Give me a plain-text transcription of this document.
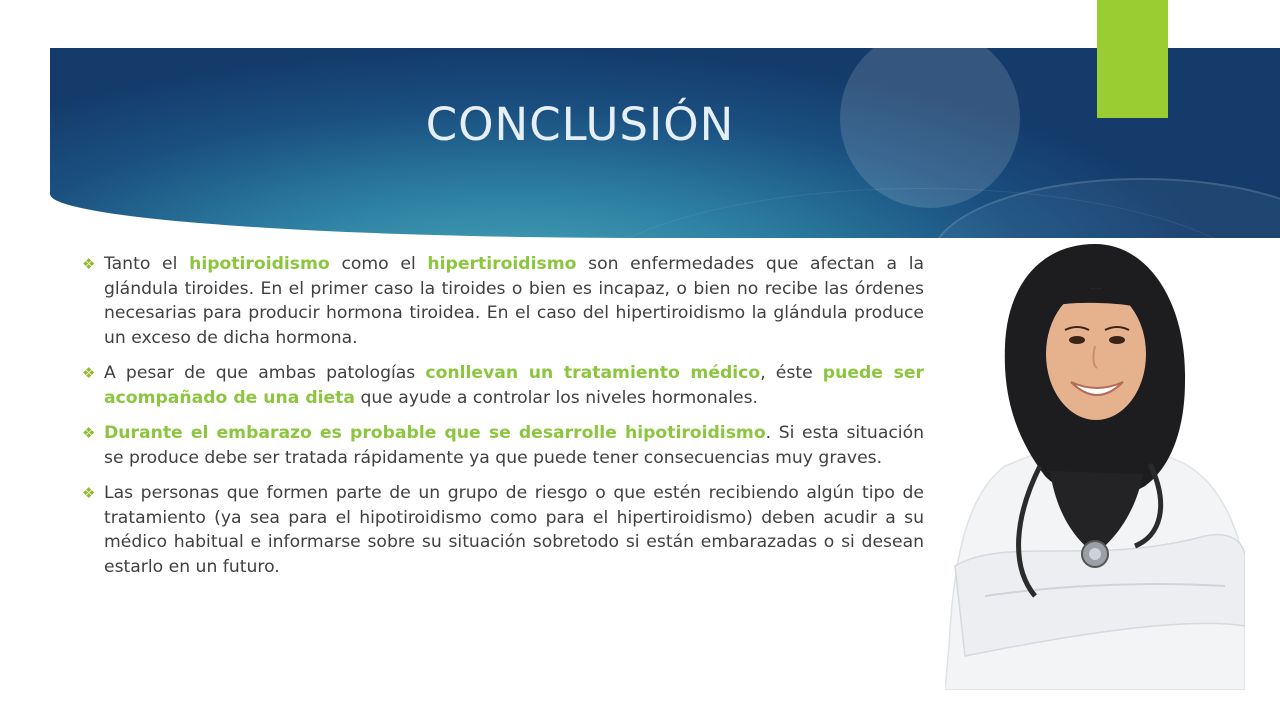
CONCLUSIÓN
❖ Tanto el hipotiroidismo como el hipertiroidismo son enfermedades que afectan a la glándula tiroides. En el primer caso la tiroides o bien es incapaz, o bien no recibe las órdenes necesarias para producir hormona tiroidea. En el caso del hipertiroidismo la glándula produce un exceso de dicha hormona.
❖ A pesar de que ambas patologías conllevan un tratamiento médico, éste puede ser acompañado de una dieta que ayude a controlar los niveles hormonales.
❖ Durante el embarazo es probable que se desarrolle hipotiroidismo. Si esta situación se produce debe ser tratada rápidamente ya que puede tener consecuencias muy graves.
❖ Las personas que formen parte de un grupo de riesgo o que estén recibiendo algún tipo de tratamiento (ya sea para el hipotiroidismo como para el hipertiroidismo) deben acudir a su médico habitual e informarse sobre su situación sobretodo si están embarazadas o si desean estarlo en un futuro.
